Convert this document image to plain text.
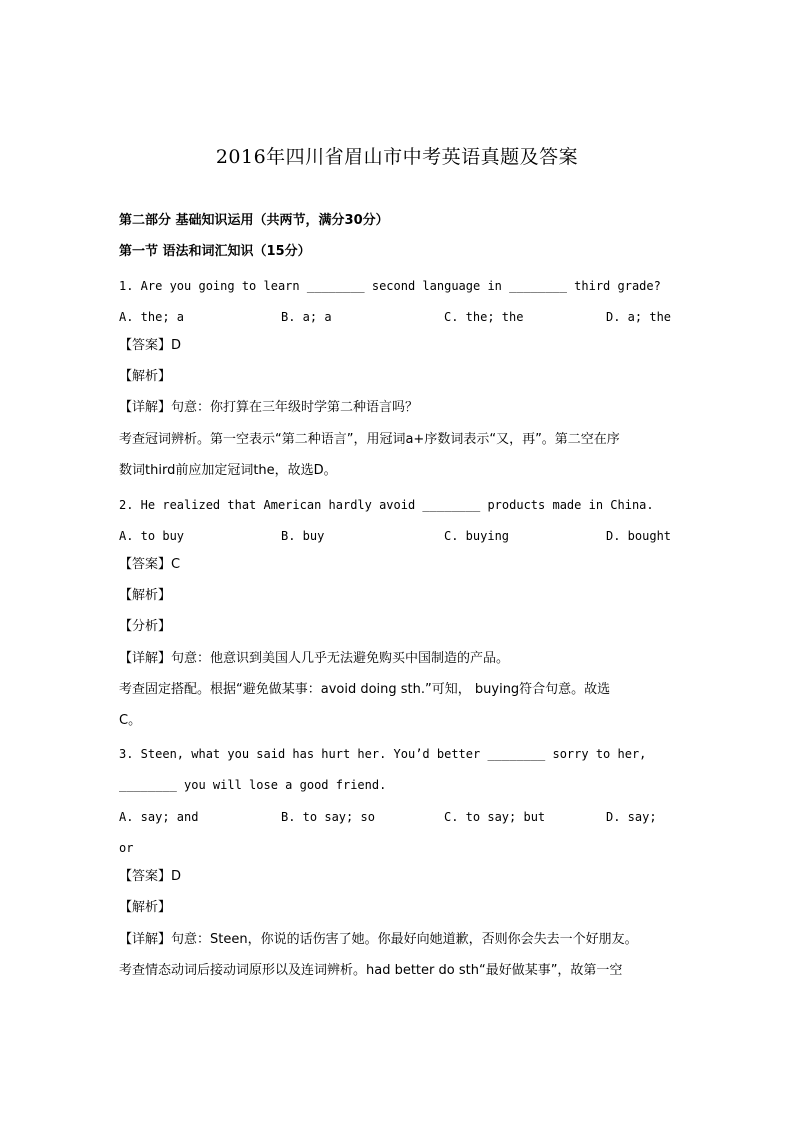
2016年四川省眉山市中考英语真题及答案
第二部分 基础知识运用（共两节，满分30分）
第一节 语法和词汇知识（15分）
1. Are you going to learn ________ second language in ________ third grade?
A. the; a	B. a; a	C. the; the	D. a; the
【答案】D
【解析】
【详解】句意：你打算在三年级时学第二种语言吗？
考查冠词辨析。第一空表示“第二种语言”，用冠词a+序数词表示“又，再”。第二空在序
数词third前应加定冠词the，故选D。
2. He realized that American hardly avoid ________ products made in China.
A. to buy	B. buy	C. buying	D. bought
【答案】C
【解析】
【分析】
【详解】句意：他意识到美国人几乎无法避免购买中国制造的产品。
考查固定搭配。根据“避免做某事：avoid doing sth.”可知， buying符合句意。故选
C。
3. Steen, what you said has hurt her. You’d better ________ sorry to her,
________ you will lose a good friend.
A. say; and	B. to say; so	C. to say; but	D. say;
or
【答案】D
【解析】
【详解】句意：Steen，你说的话伤害了她。你最好向她道歉，否则你会失去一个好朋友。
考查情态动词后接动词原形以及连词辨析。had better do sth“最好做某事”，故第一空
